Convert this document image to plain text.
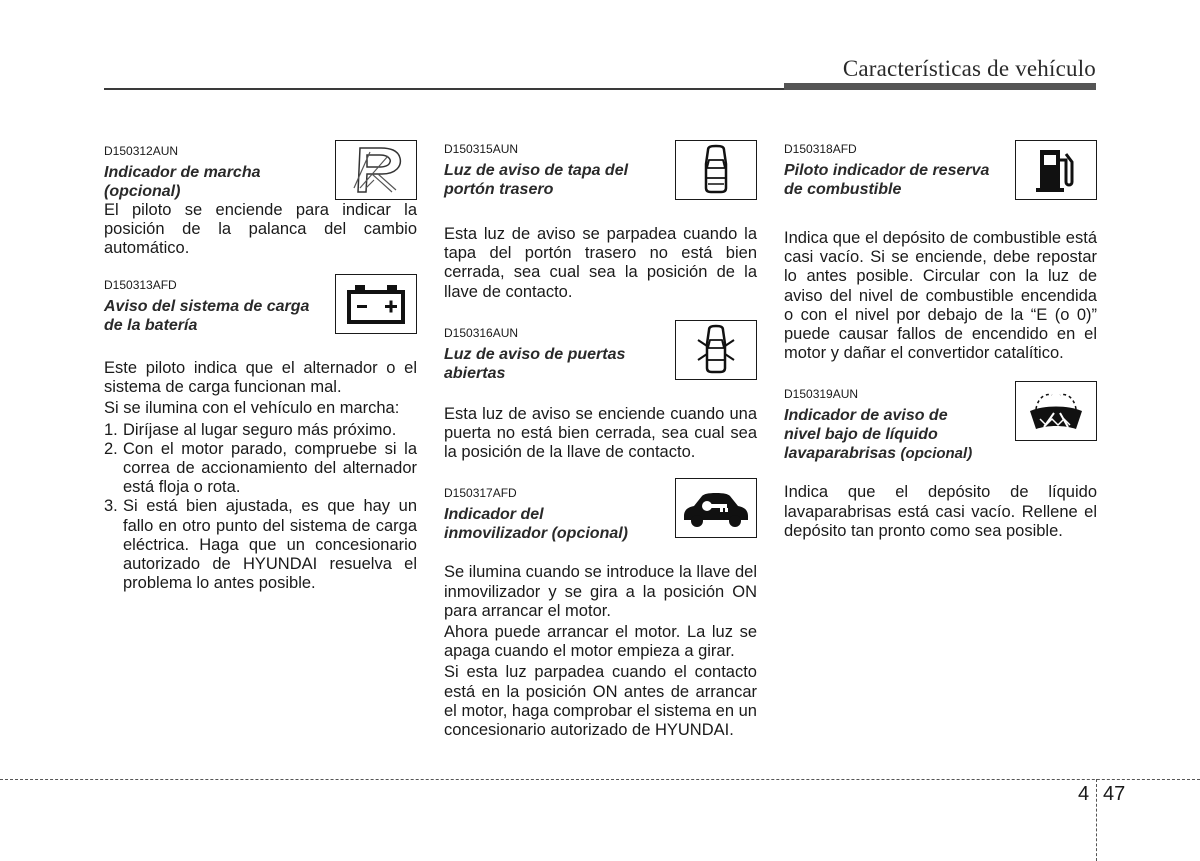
Características de vehículo
D150312AUN
Indicador de marcha
(opcional)
El piloto se enciende para indicar la posición de la palanca del cambio automático.
D150313AFD
Aviso del sistema de carga
de la batería
Este piloto indica que el alternador o el sistema de carga funcionan mal.
Si se ilumina con el vehículo en marcha:
1. Diríjase al lugar seguro más próximo.
2. Con el motor parado, compruebe si la correa de accionamiento del alternador está floja o rota.
3. Si está bien ajustada, es que hay un fallo en otro punto del sistema de carga eléctrica. Haga que un concesionario autorizado de HYUNDAI resuelva el problema lo antes posible.
D150315AUN
Luz de aviso de tapa del
portón trasero
Esta luz de aviso se parpadea cuando la tapa del portón trasero no está bien cerrada, sea cual sea la posición de la llave de contacto.
D150316AUN
Luz de aviso de puertas
abiertas
Esta luz de aviso se enciende cuando una puerta no está bien cerrada, sea cual sea la posición de la llave de contacto.
D150317AFD
Indicador del
inmovilizador (opcional)
Se ilumina cuando se introduce la llave del inmovilizador y se gira a la posición ON para arrancar el motor.
Ahora puede arrancar el motor. La luz se apaga cuando el motor empieza a girar.
Si esta luz parpadea cuando el contacto está en la posición ON antes de arrancar el motor, haga comprobar el sistema en un concesionario autorizado de HYUNDAI.
D150318AFD
Piloto indicador de reserva
de combustible
Indica que el depósito de combustible está casi vacío. Si se enciende, debe repostar lo antes posible. Circular con la luz de aviso del nivel de combustible encendida o con el nivel por debajo de la “E (o 0)” puede causar fallos de encendido en el motor y dañar el convertidor catalítico.
D150319AUN
Indicador de aviso de
nivel bajo de líquido
lavaparabrisas (opcional)
Indica que el depósito de líquido lavaparabrisas está casi vacío. Rellene el depósito tan pronto como sea posible.
4 47
